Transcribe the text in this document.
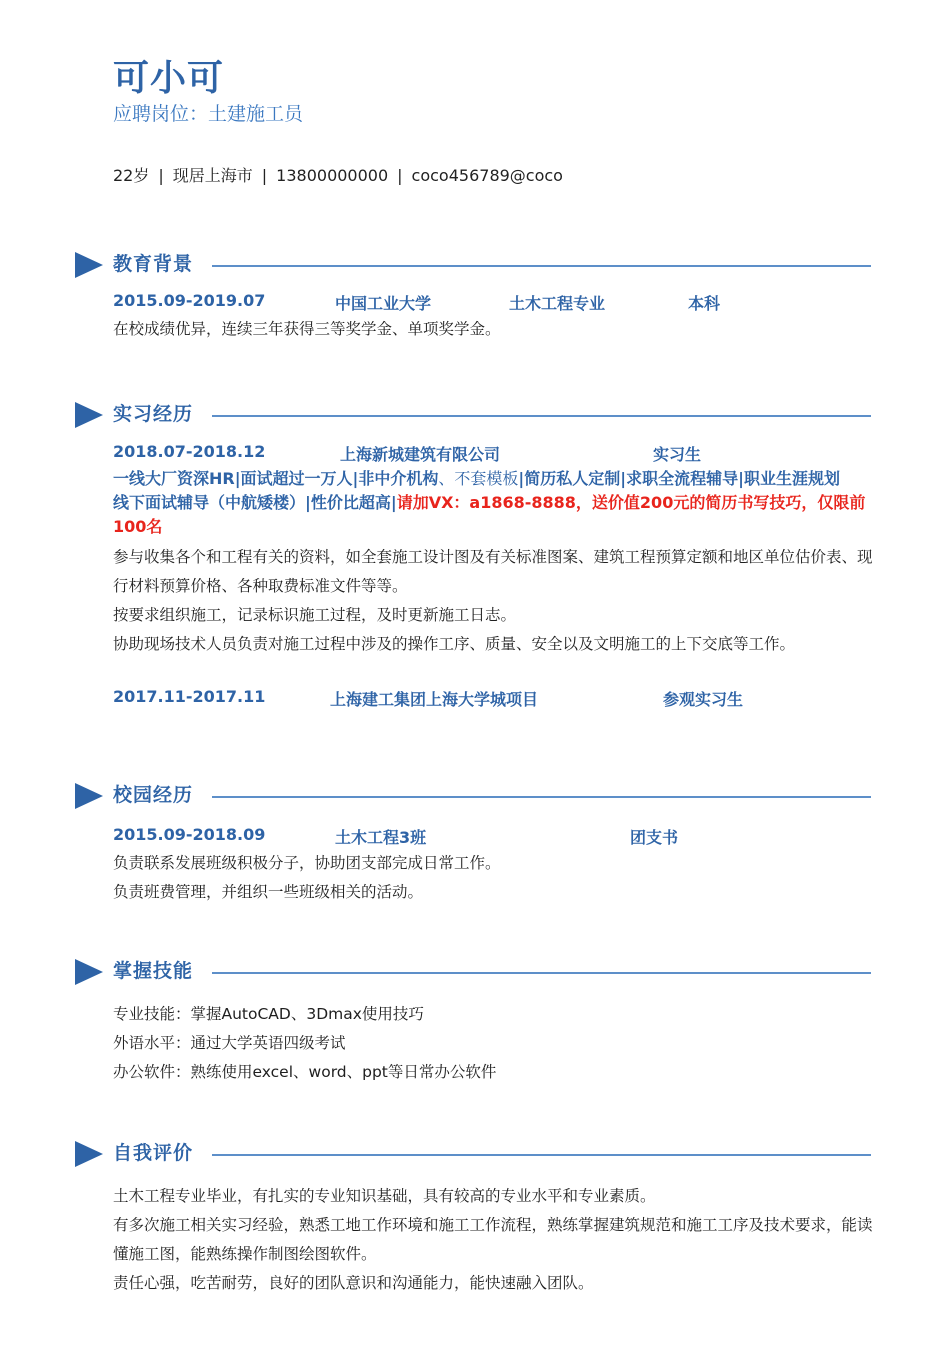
可小可
应聘岗位：土建施工员
22岁 | 现居上海市 | 13800000000 | coco456789@coco
教育背景
2015.09-2019.07	中国工业大学	土木工程专业	本科
在校成绩优异，连续三年获得三等奖学金、单项奖学金。
实习经历
2018.07-2018.12	上海新城建筑有限公司	实习生
一线大厂资深HR|面试超过一万人|非中介机构、不套模板|简历私人定制|求职全流程辅导|职业生涯规划
线下面试辅导（中航矮楼）|性价比超高|请加VX：a1868-8888，送价值200元的简历书写技巧，仅限前100名
参与收集各个和工程有关的资料，如全套施工设计图及有关标准图案、建筑工程预算定额和地区单位估价表、现行材料预算价格、各种取费标准文件等等。
按要求组织施工，记录标识施工过程，及时更新施工日志。
协助现场技术人员负责对施工过程中涉及的操作工序、质量、安全以及文明施工的上下交底等工作。
2017.11-2017.11	上海建工集团上海大学城项目	参观实习生
校园经历
2015.09-2018.09	土木工程3班	团支书
负责联系发展班级积极分子，协助团支部完成日常工作。
负责班费管理，并组织一些班级相关的活动。
掌握技能
专业技能：掌握AutoCAD、3Dmax使用技巧
外语水平：通过大学英语四级考试
办公软件：熟练使用excel、word、ppt等日常办公软件
自我评价
土木工程专业毕业，有扎实的专业知识基础，具有较高的专业水平和专业素质。
有多次施工相关实习经验，熟悉工地工作环境和施工工作流程，熟练掌握建筑规范和施工工序及技术要求，能读懂施工图，能熟练操作制图绘图软件。
责任心强，吃苦耐劳，良好的团队意识和沟通能力，能快速融入团队。
